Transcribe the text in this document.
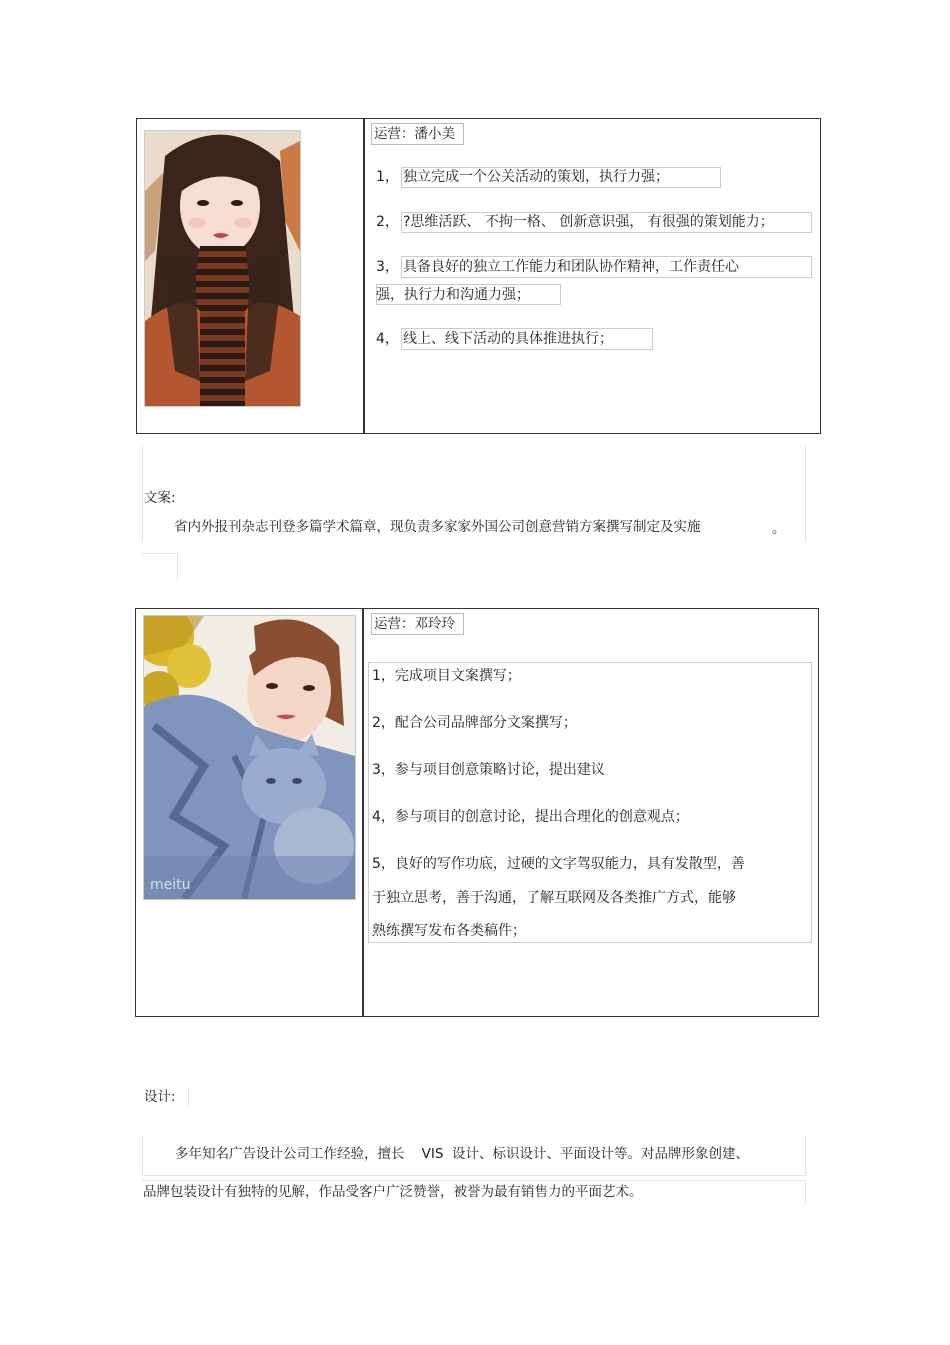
运营：潘小美
1， 独立完成一个公关活动的策划，执行力强；
2， ?思维活跃、 不拘一格、 创新意识强， 有很强的策划能力；
3， 具备良好的独立工作能力和团队协作精神，工作责任心
强，执行力和沟通力强；
4， 线上、线下活动的具体推进执行；
文案:
省内外报刊杂志刊登多篇学术篇章，现负责多家家外国公司创意营销方案撰写制定及实施	。
meitu
运营：邓玲玲
1，完成项目文案撰写；
2，配合公司品牌部分文案撰写；
3，参与项目创意策略讨论，提出建议
4，参与项目的创意讨论，提出合理化的创意观点；
5，良好的写作功底，过硬的文字驾驭能力，具有发散型，善
于独立思考，善于沟通，了解互联网及各类推广方式，能够
熟练撰写发布各类稿件；
设计:
多年知名广告设计公司工作经验，擅长    VIS  设计、标识设计、平面设计等。对品牌形象创建、
品牌包装设计有独特的见解，作品受客户广泛赞誉，被誉为最有销售力的平面艺术。
